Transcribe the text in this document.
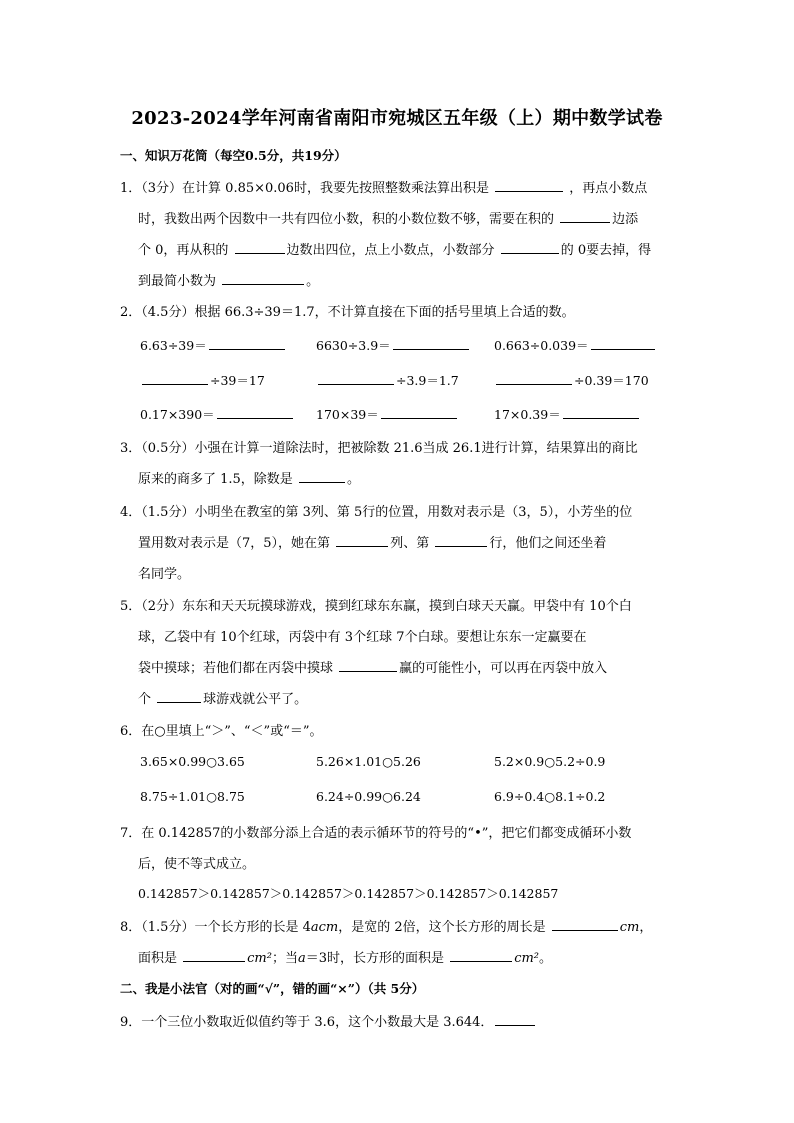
2023-2024学年河南省南阳市宛城区五年级（上）期中数学试卷
一、知识万花筒（每空0.5分，共19分）
1．（3分）在计算 0.85×0.06时，我要先按照整数乘法算出积是	，再点小数点
时，我数出两个因数中一共有四位小数，积的小数位数不够，需要在积的	边添
个 0，再从积的	边数出四位，点上小数点，小数部分	的 0要去掉，得
到最简小数为	。
2．（4.5分）根据 66.3÷39＝1.7，不计算直接在下面的括号里填上合适的数。
6.63÷39＝	6630÷3.9＝	0.663÷0.039＝
÷39＝17	÷3.9＝1.7	÷0.39＝170
0.17×390＝	170×39＝	17×0.39＝
3．（0.5分）小强在计算一道除法时，把被除数 21.6当成 26.1进行计算，结果算出的商比
原来的商多了 1.5，除数是	。
4．（1.5分）小明坐在教室的第 3列、第 5行的位置，用数对表示是（3，5），小芳坐的位
置用数对表示是（7，5），她在第	列、第	行，他们之间还坐着
名同学。
5．（2分）东东和天天玩摸球游戏，摸到红球东东赢，摸到白球天天赢。甲袋中有 10个白
球，乙袋中有 10个红球，丙袋中有 3个红球 7个白球。要想让东东一定赢要在
袋中摸球；若他们都在丙袋中摸球	赢的可能性小，可以再在丙袋中放入
个	球游戏就公平了。
6．在○里填上“＞”、“＜”或“＝”。
3.65×0.99○3.65	5.26×1.01○5.26	5.2×0.9○5.2÷0.9
8.75÷1.01○8.75	6.24÷0.99○6.24	6.9÷0.4○8.1÷0.2
7．在 0.142857的小数部分添上合适的表示循环节的符号的“•”，把它们都变成循环小数
后，使不等式成立。
0.142857＞0.142857＞0.142857＞0.142857＞0.142857＞0.142857
8．（1.5分）一个长方形的长是 4acm，是宽的 2倍，这个长方形的周长是	cm，
面积是	cm²；当a＝3时，长方形的面积是	cm²。
二、我是小法官（对的画“√”，错的画“×”）（共 5分）
9．一个三位小数取近似值约等于 3.6，这个小数最大是 3.644．
